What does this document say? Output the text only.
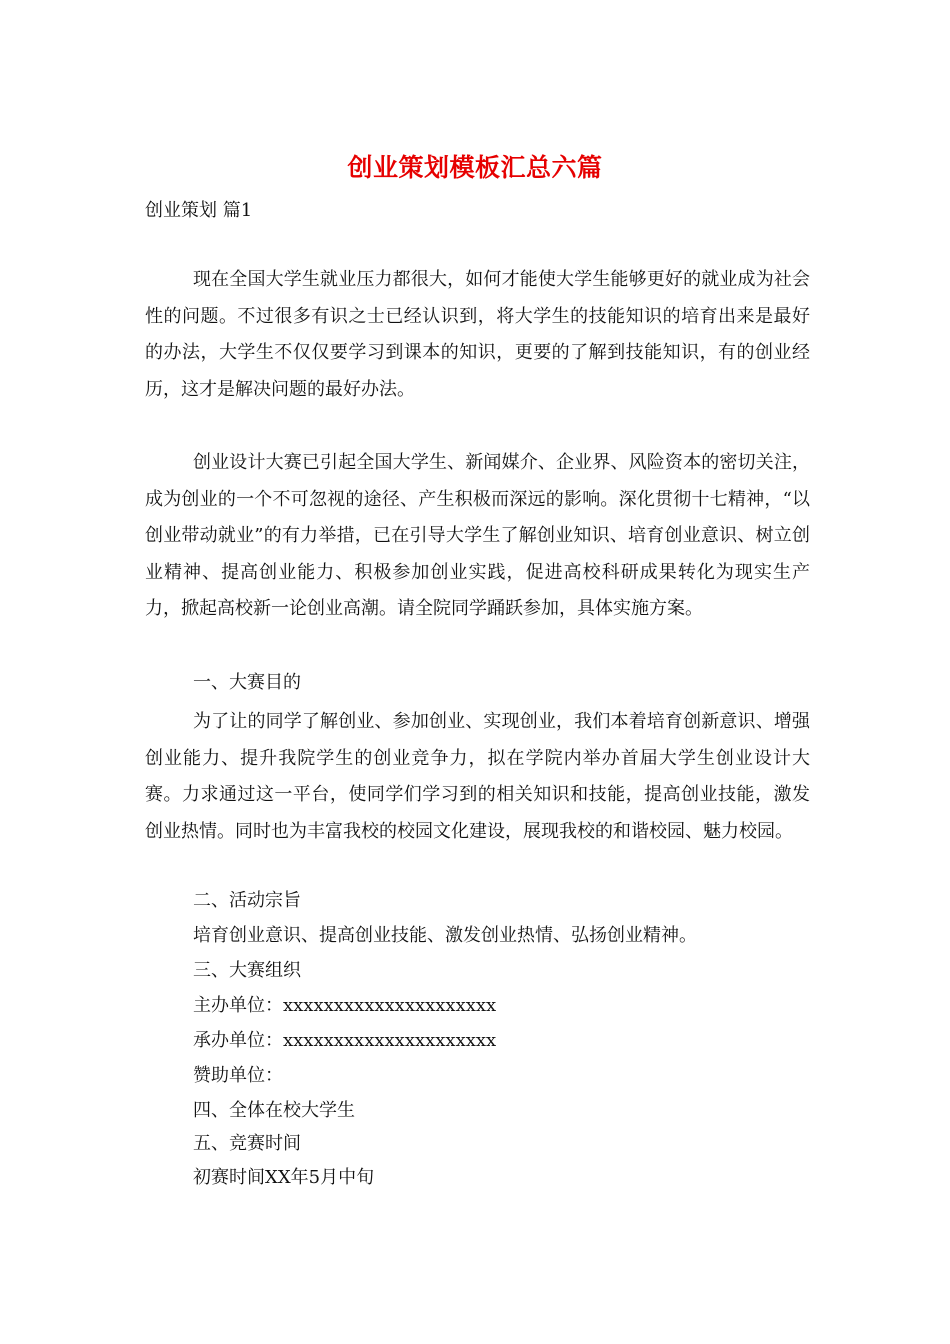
创业策划模板汇总六篇
创业策划 篇1

现在全国大学生就业压力都很大，如何才能使大学生能够更好的就业成为社会性的问题。不过很多有识之士已经认识到，将大学生的技能知识的培育出来是最好的办法，大学生不仅仅要学习到课本的知识，更要的了解到技能知识，有的创业经历，这才是解决问题的最好办法。

创业设计大赛已引起全国大学生、新闻媒介、企业界、风险资本的密切关注，成为创业的一个不可忽视的途径、产生积极而深远的影响。深化贯彻十七精神，“以创业带动就业”的有力举措，已在引导大学生了解创业知识、培育创业意识、树立创业精神、提高创业能力、积极参加创业实践，促进高校科研成果转化为现实生产力，掀起高校新一论创业高潮。请全院同学踊跃参加，具体实施方案。

一、大赛目的

为了让的同学了解创业、参加创业、实现创业，我们本着培育创新意识、增强创业能力、提升我院学生的创业竞争力，拟在学院内举办首届大学生创业设计大赛。力求通过这一平台，使同学们学习到的相关知识和技能，提高创业技能，激发创业热情。同时也为丰富我校的校园文化建设，展现我校的和谐校园、魅力校园。

二、活动宗旨
培育创业意识、提高创业技能、激发创业热情、弘扬创业精神。
三、大赛组织
主办单位：xxxxxxxxxxxxxxxxxxxxx
承办单位：xxxxxxxxxxxxxxxxxxxxx
赞助单位：
四、全体在校大学生
五、竞赛时间
初赛时间XX年5月中旬
